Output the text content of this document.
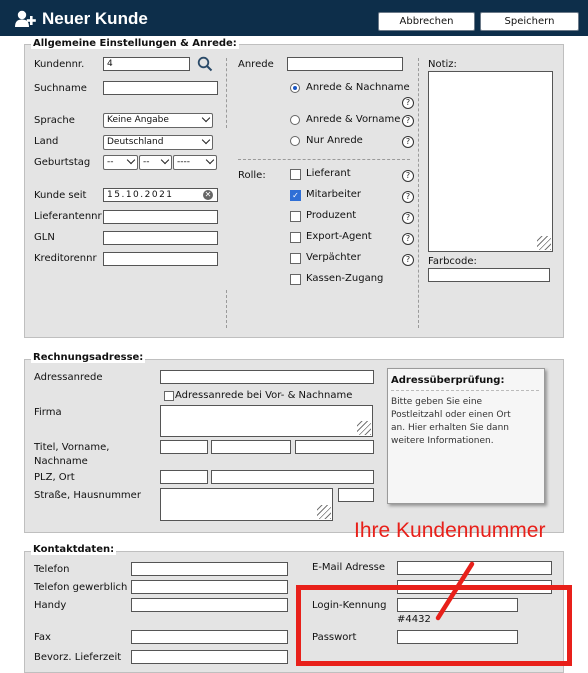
Neuer Kunde	Abbrechen	Speichern
Allgemeine Einstellungen & Anrede:
Kundennr.	4
Suchname
Sprache	Keine Angabe
Land	Deutschland
Geburtstag	--	--	----
Kunde seit	15.10.2021	✕
Lieferantennr
GLN
Kreditorennr
Anrede
Anrede & Nachname
?
Anrede & Vorname ?
Nur Anrede	?
Rolle:	Lieferant	?
✓ Mitarbeiter	?
Produzent	?
Export-Agent	?
Verpächter	?
Kassen-Zugang
Notiz:
Farbcode:
Rechnungsadresse:
Adressanrede
Adressanrede bei Vor- & Nachname
Firma
Titel, Vorname,
Nachname
PLZ, Ort
Straße, Hausnummer
Adressüberprüfung:
Bitte geben Sie eine
Postleitzahl oder einen Ort
an. Hier erhalten Sie dann
weitere Informationen.
Kontaktdaten:
Telefon
Telefon gewerblich
Handy
Fax
Bevorz. Lieferzeit
E-Mail Adresse
Login-Kennung
#4432
Passwort
Ihre Kundennummer
